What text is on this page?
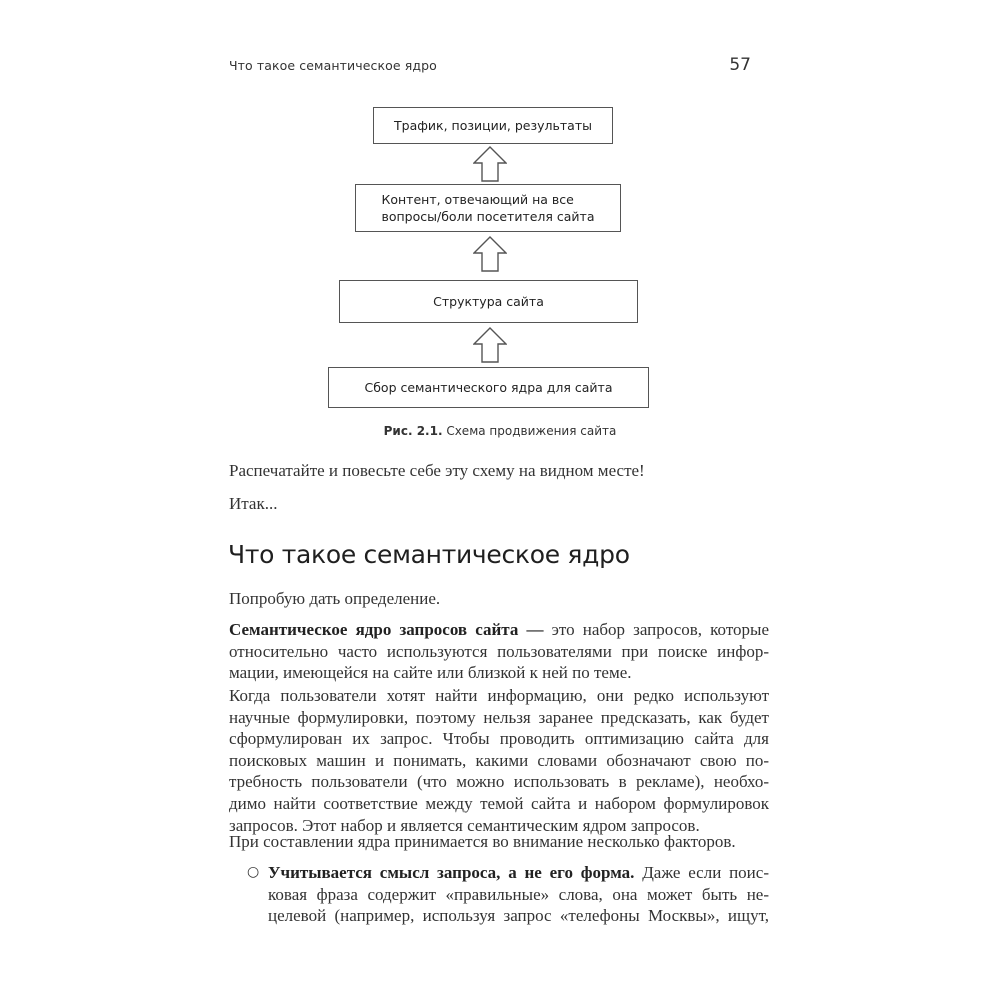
Что такое семантическое ядро	57
Трафик, позиции, результаты
Контент, отвечающий на все
вопросы/боли посетителя сайта
Структура сайта
Сбор семантического ядра для сайта
Рис. 2.1. Схема продвижения сайта

Распечатайте и повесьте себе эту схему на видном месте!

Итак...

Что такое семантическое ядро

Попробую дать определение.

Семантическое ядро запросов сайта — это набор запросов, которые
относительно часто используются пользователями при поиске инфор-
мации, имеющейся на сайте или близкой к ней по теме.
Когда пользователи хотят найти информацию, они редко используют
научные формулировки, поэтому нельзя заранее предсказать, как будет
сформулирован их запрос. Чтобы проводить оптимизацию сайта для
поисковых машин и понимать, какими словами обозначают свою по-
требность пользователи (что можно использовать в рекламе), необхо-
димо найти соответствие между темой сайта и набором формулировок
запросов. Этот набор и является семантическим ядром запросов.

При составлении ядра принимается во внимание несколько факторов.

○ Учитывается смысл запроса, а не его форма. Даже если поис-
ковая фраза содержит «правильные» слова, она может быть не-
целевой (например, используя запрос «телефоны Москвы», ищут,
